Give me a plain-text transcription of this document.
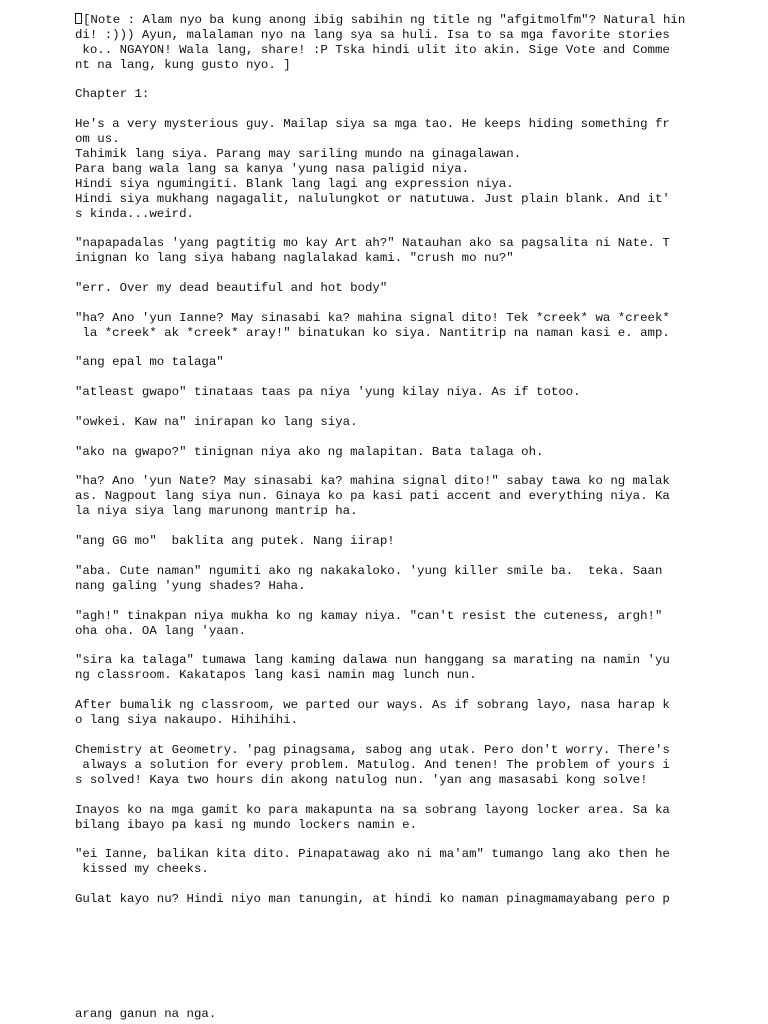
[Note : Alam nyo ba kung anong ibig sabihin ng title ng "afgitmolfm"? Natural hin
di! :))) Ayun, malalaman nyo na lang sya sa huli. Isa to sa mga favorite stories
ko.. NGAYON! Wala lang, share! :P Tska hindi ulit ito akin. Sige Vote and Comme
nt na lang, kung gusto nyo. ]
Chapter 1:
He's a very mysterious guy. Mailap siya sa mga tao. He keeps hiding something fr
om us.
Tahimik lang siya. Parang may sariling mundo na ginagalawan.
Para bang wala lang sa kanya 'yung nasa paligid niya.
Hindi siya ngumingiti. Blank lang lagi ang expression niya.
Hindi siya mukhang nagagalit, nalulungkot or natutuwa. Just plain blank. And it'
s kinda...weird.
"napapadalas 'yang pagtitig mo kay Art ah?" Natauhan ako sa pagsalita ni Nate. T
inignan ko lang siya habang naglalakad kami. "crush mo nu?"
"err. Over my dead beautiful and hot body"
"ha? Ano 'yun Ianne? May sinasabi ka? mahina signal dito! Tek *creek* wa *creek*
la *creek* ak *creek* aray!" binatukan ko siya. Nantitrip na naman kasi e. amp.
"ang epal mo talaga"
"atleast gwapo" tinataas taas pa niya 'yung kilay niya. As if totoo.
"owkei. Kaw na" inirapan ko lang siya.
"ako na gwapo?" tinignan niya ako ng malapitan. Bata talaga oh.
"ha? Ano 'yun Nate? May sinasabi ka? mahina signal dito!" sabay tawa ko ng malak
as. Nagpout lang siya nun. Ginaya ko pa kasi pati accent and everything niya. Ka
la niya siya lang marunong mantrip ha.
"ang GG mo"  baklita ang putek. Nang iirap!
"aba. Cute naman" ngumiti ako ng nakakaloko. 'yung killer smile ba.  teka. Saan
nang galing 'yung shades? Haha.
"agh!" tinakpan niya mukha ko ng kamay niya. "can't resist the cuteness, argh!"
oha oha. OA lang 'yaan.
"sira ka talaga" tumawa lang kaming dalawa nun hanggang sa marating na namin 'yu
ng classroom. Kakatapos lang kasi namin mag lunch nun.
After bumalik ng classroom, we parted our ways. As if sobrang layo, nasa harap k
o lang siya nakaupo. Hihihihi.
Chemistry at Geometry. 'pag pinagsama, sabog ang utak. Pero don't worry. There's
always a solution for every problem. Matulog. And tenen! The problem of yours i
s solved! Kaya two hours din akong natulog nun. 'yan ang masasabi kong solve!
Inayos ko na mga gamit ko para makapunta na sa sobrang layong locker area. Sa ka
bilang ibayo pa kasi ng mundo lockers namin e.
"ei Ianne, balikan kita dito. Pinapatawag ako ni ma'am" tumango lang ako then he
kissed my cheeks.
Gulat kayo nu? Hindi niyo man tanungin, at hindi ko naman pinagmamayabang pero p
arang ganun na nga.
